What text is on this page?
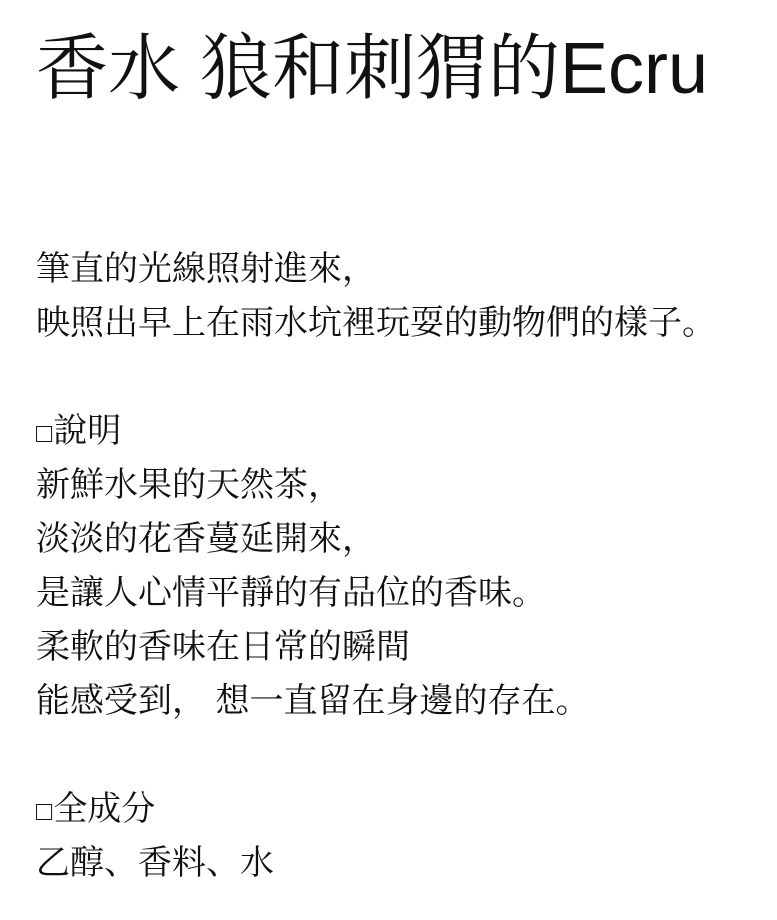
香水 狼和刺猬的Ecru
筆直的光線照射進來，
映照出早上在雨水坑裡玩耍的動物們的樣子。
□說明
新鮮水果的天然茶，
淡淡的花香蔓延開來，
是讓人心情平靜的有品位的香味。
柔軟的香味在日常的瞬間
能感受到， 想一直留在身邊的存在。
□全成分
乙醇、香料、水
